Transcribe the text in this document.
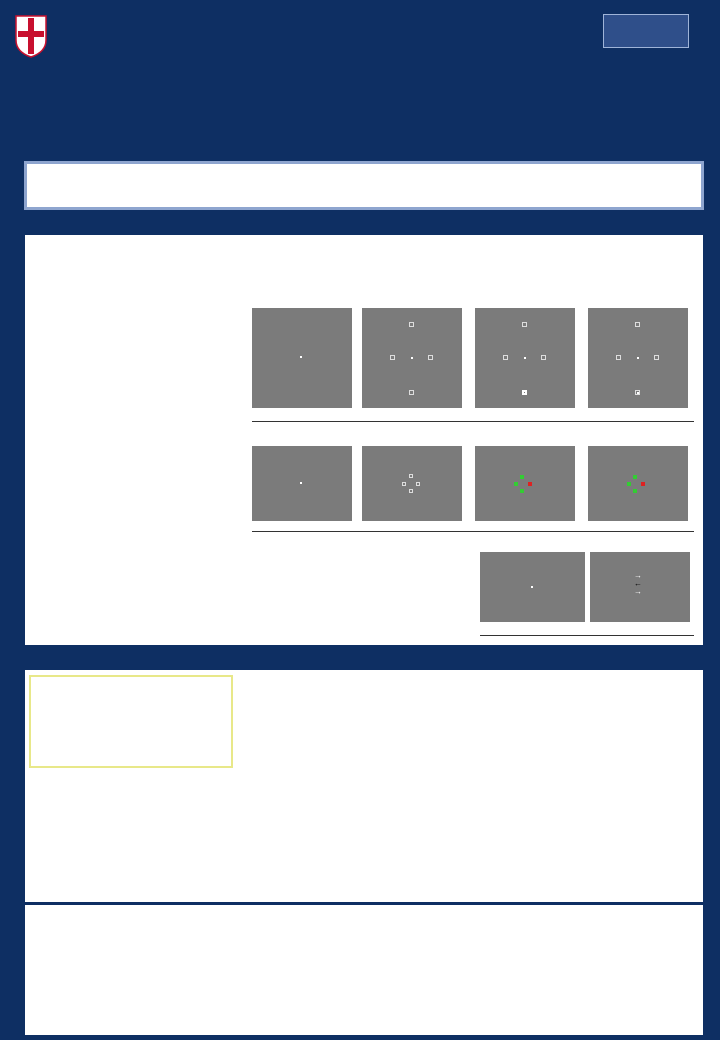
→
←
→
